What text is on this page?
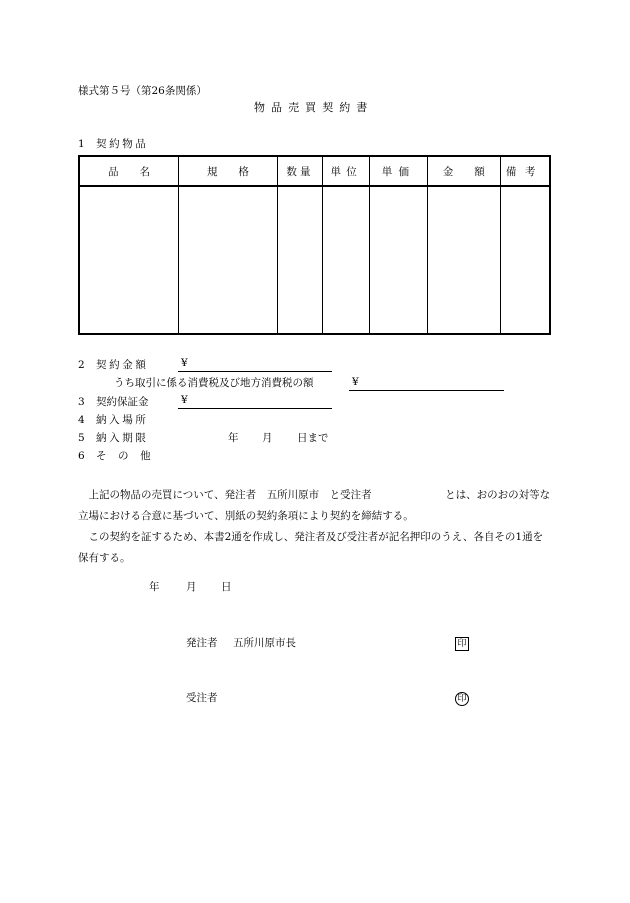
様式第５号（第26条関係）
物品売買契約書
1 契約物品
品　　名	規　　格	数量	単位	単価	金　　額	備考

2 契約金額	¥
うち取引に係る消費税及び地方消費税の額	¥
3 契約保証金	¥
4 納入場所
5 納入期限	年 月 日まで
6 その他
上記の物品の売買について、発注者　五所川原市　と受注者　　　　　　　とは、おのおの対等な立場における合意に基づいて、別紙の契約条項により契約を締結する。
この契約を証するため、本書2通を作成し、発注者及び受注者が記名押印のうえ、各自その1通を保有する。
年	月 日
発注者 五所川原市長	印
受注者	印
